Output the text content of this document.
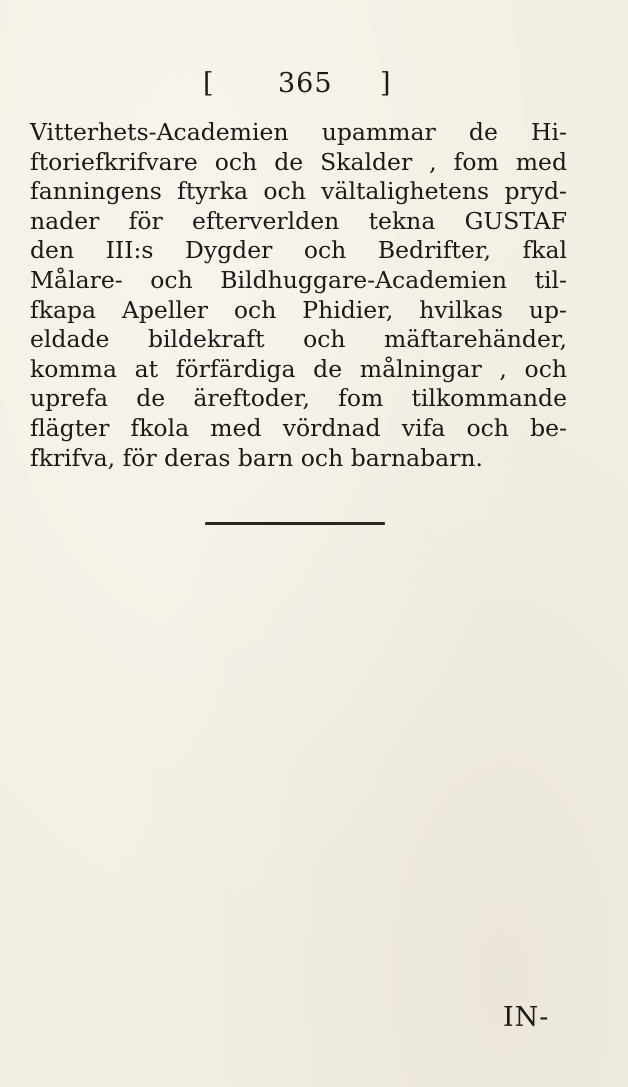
[ 365 ]
Vitterhets-Academien upammar de Hi-
ftoriefkrifvare och de Skalder , fom med
fanningens ftyrka och vältalighetens pryd-
nader för efterverlden tekna GUSTAF
den III:s Dygder och Bedrifter, fkal
Målare- och Bildhuggare-Academien til-
fkapa Apeller och Phidier, hvilkas up-
eldade bildekraft och mäftarehänder,
komma at förfärdiga de målningar , och
uprefa de äreftoder, fom tilkommande
flägter fkola med vördnad vifa och be-
fkrifva, för deras barn och barnabarn.
IN-
